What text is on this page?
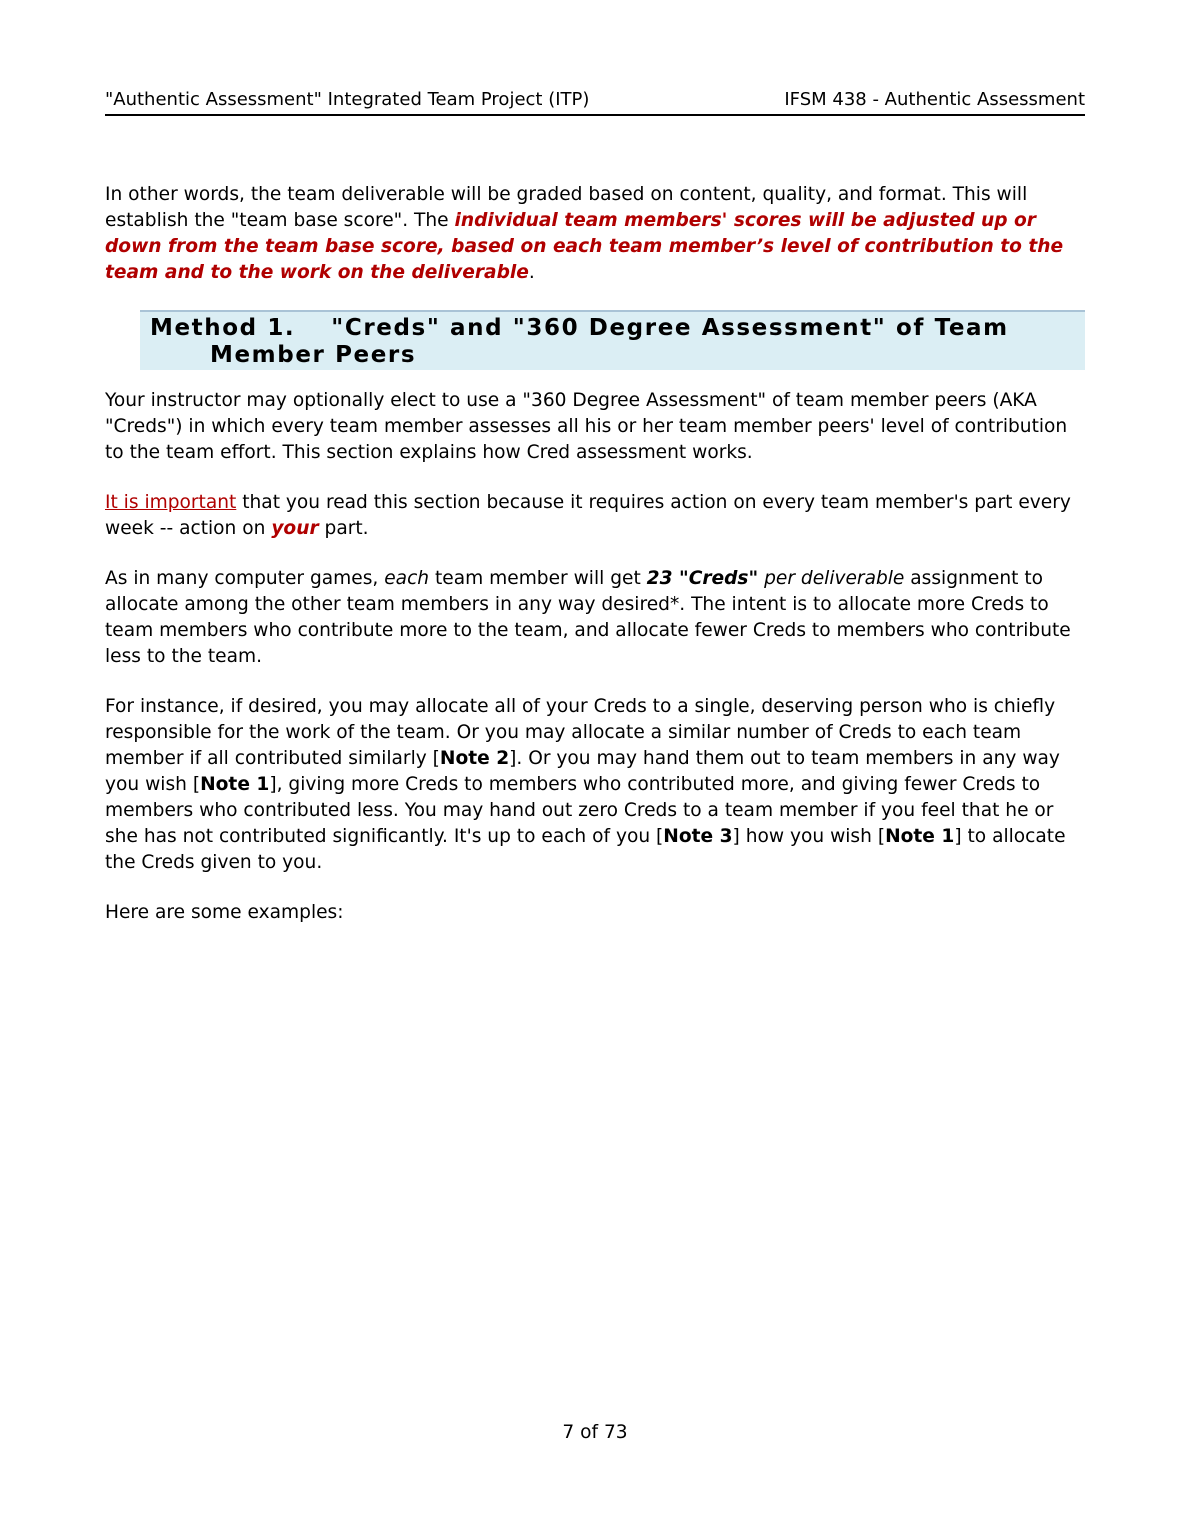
"Authentic Assessment" Integrated Team Project (ITP)	IFSM 438 - Authentic Assessment

In other words, the team deliverable will be graded based on content, quality, and format. This will establish the "team base score". The individual team members' scores will be adjusted up or down from the team base score, based on each team member’s level of contribution to the team and to the work on the deliverable.

Method 1. "Creds" and "360 Degree Assessment" of Team
Member Peers

Your instructor may optionally elect to use a "360 Degree Assessment" of team member peers (AKA "Creds") in which every team member assesses all his or her team member peers' level of contribution to the team effort. This section explains how Cred assessment works.

It is important that you read this section because it requires action on every team member's part every week -- action on your part.

As in many computer games, each team member will get 23 "Creds" per deliverable assignment to allocate among the other team members in any way desired*. The intent is to allocate more Creds to team members who contribute more to the team, and allocate fewer Creds to members who contribute less to the team.

For instance, if desired, you may allocate all of your Creds to a single, deserving person who is chiefly responsible for the work of the team. Or you may allocate a similar number of Creds to each team member if all contributed similarly [Note 2]. Or you may hand them out to team members in any way you wish [Note 1], giving more Creds to members who contributed more, and giving fewer Creds to members who contributed less. You may hand out zero Creds to a team member if you feel that he or she has not contributed significantly. It's up to each of you [Note 3] how you wish [Note 1] to allocate the Creds given to you.

Here are some examples:

7 of 73
